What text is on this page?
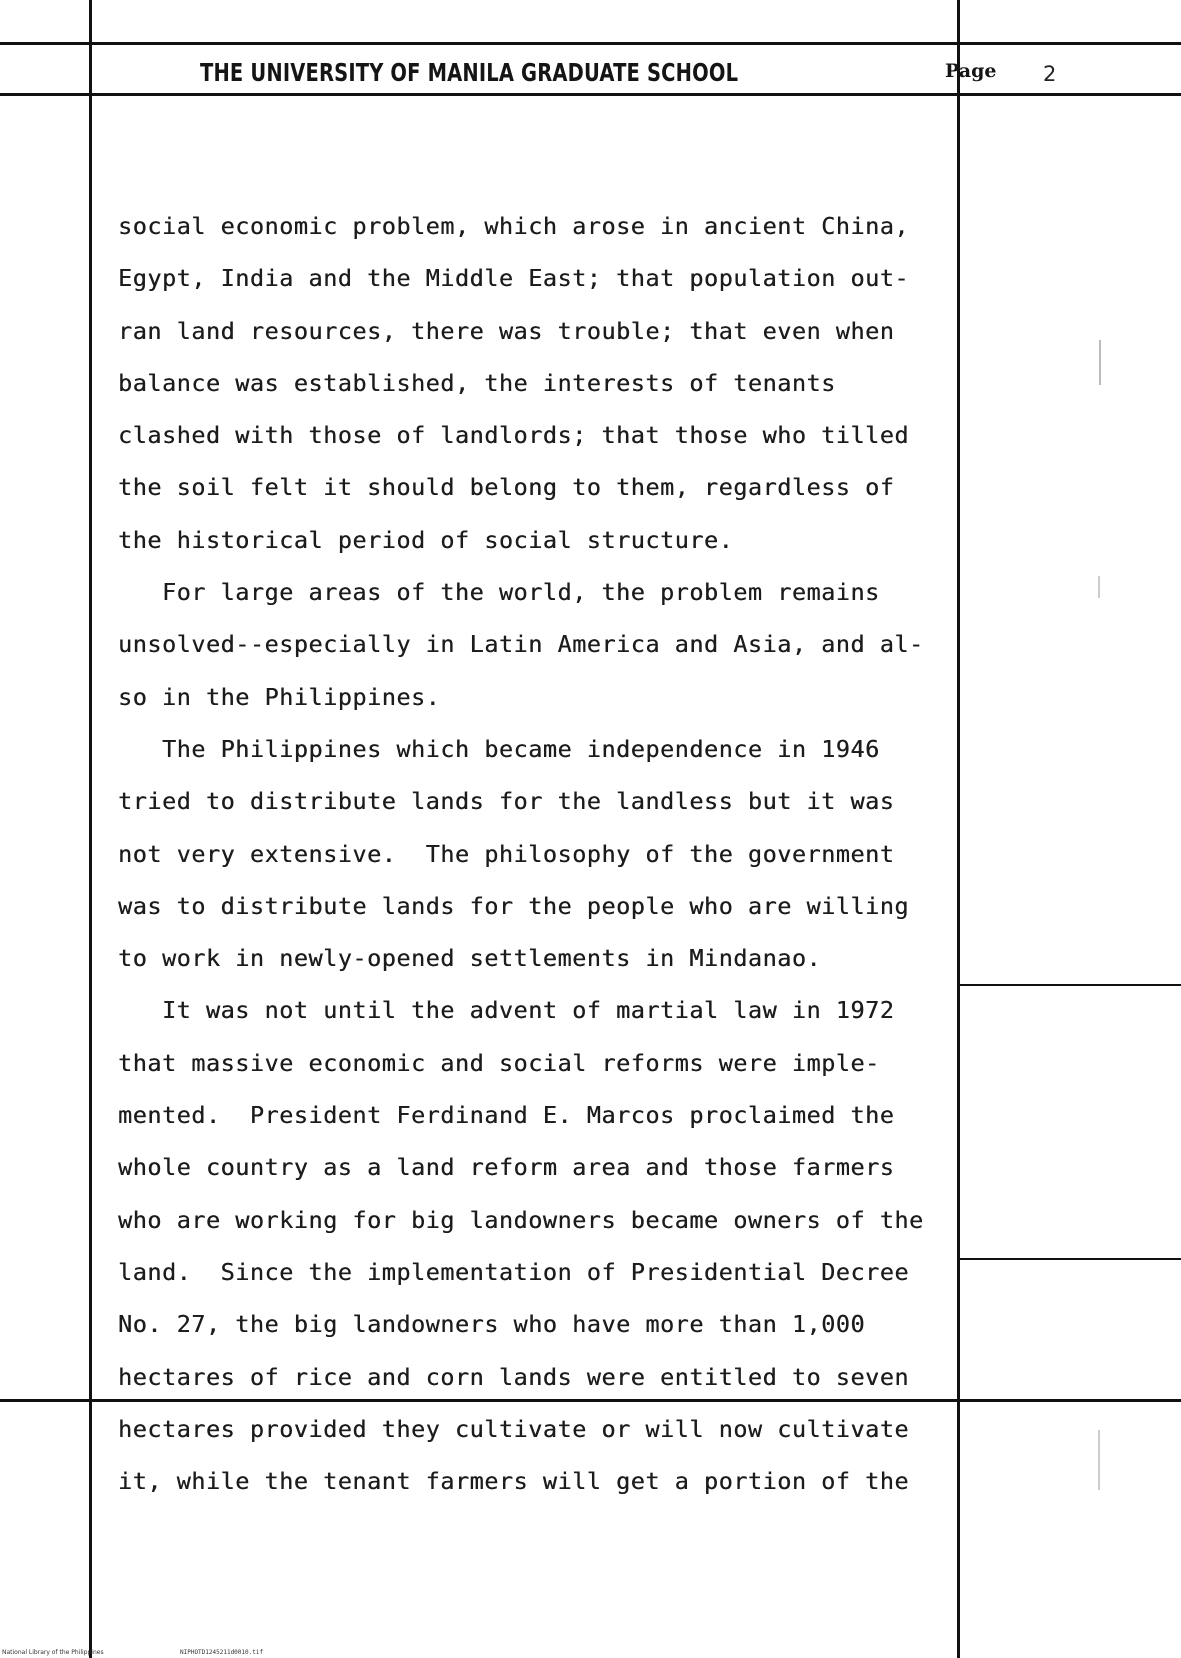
THE UNIVERSITY OF MANILA GRADUATE SCHOOL	Page 2
social economic problem, which arose in ancient China,
Egypt, India and the Middle East; that population out-
ran land resources, there was trouble; that even when
balance was established, the interests of tenants
clashed with those of landlords; that those who tilled
the soil felt it should belong to them, regardless of
the historical period of social structure.
For large areas of the world, the problem remains
unsolved--especially in Latin America and Asia, and al-
so in the Philippines.
The Philippines which became independence in 1946
tried to distribute lands for the landless but it was
not very extensive.  The philosophy of the government
was to distribute lands for the people who are willing
to work in newly-opened settlements in Mindanao.
It was not until the advent of martial law in 1972
that massive economic and social reforms were imple-
mented.  President Ferdinand E. Marcos proclaimed the
whole country as a land reform area and those farmers
who are working for big landowners became owners of the
land.  Since the implementation of Presidential Decree
No. 27, the big landowners who have more than 1,000
hectares of rice and corn lands were entitled to seven
hectares provided they cultivate or will now cultivate
it, while the tenant farmers will get a portion of the
National Library of the Philippines	NIPHOTD1245211d0010.tif
